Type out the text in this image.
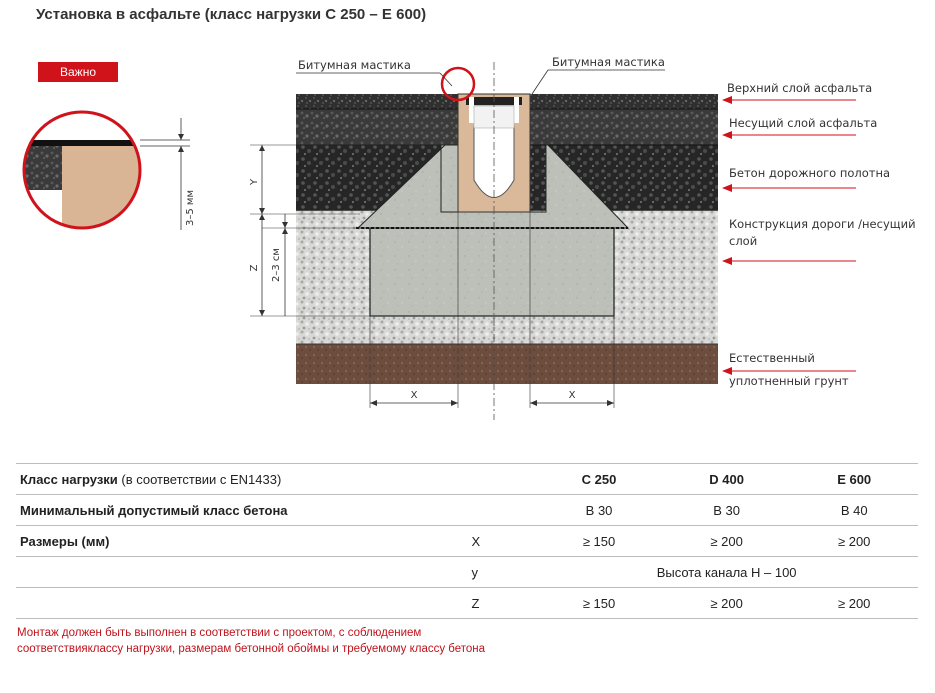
Установка в асфальте (класс нагрузки С 250 – Е 600)
Важно
3–5 мм
Битумная мастика	Битумная мастика
Верхний слой асфальта
Несущий слой асфальта
Бетон дорожного полотна
Конструкция дороги /несущий
слой
Естественный
уплотненный грунт
Y
Z 2–3 см
H
X	X
Класс нагрузки (в соответствии с EN1433)		C 250	D 400	E 600
Минимальный допустимый класс бетона		B 30	B 30	B 40
Размеры (мм)	X	≥ 150	≥ 200	≥ 200
	y	Высота канала H – 100		
	Z	≥ 150	≥ 200	≥ 200
Монтаж должен быть выполнен в соответствии с проектом, с соблюдением соответствияклассу нагрузки, размерам бетонной обоймы и требуемому классу бетона
